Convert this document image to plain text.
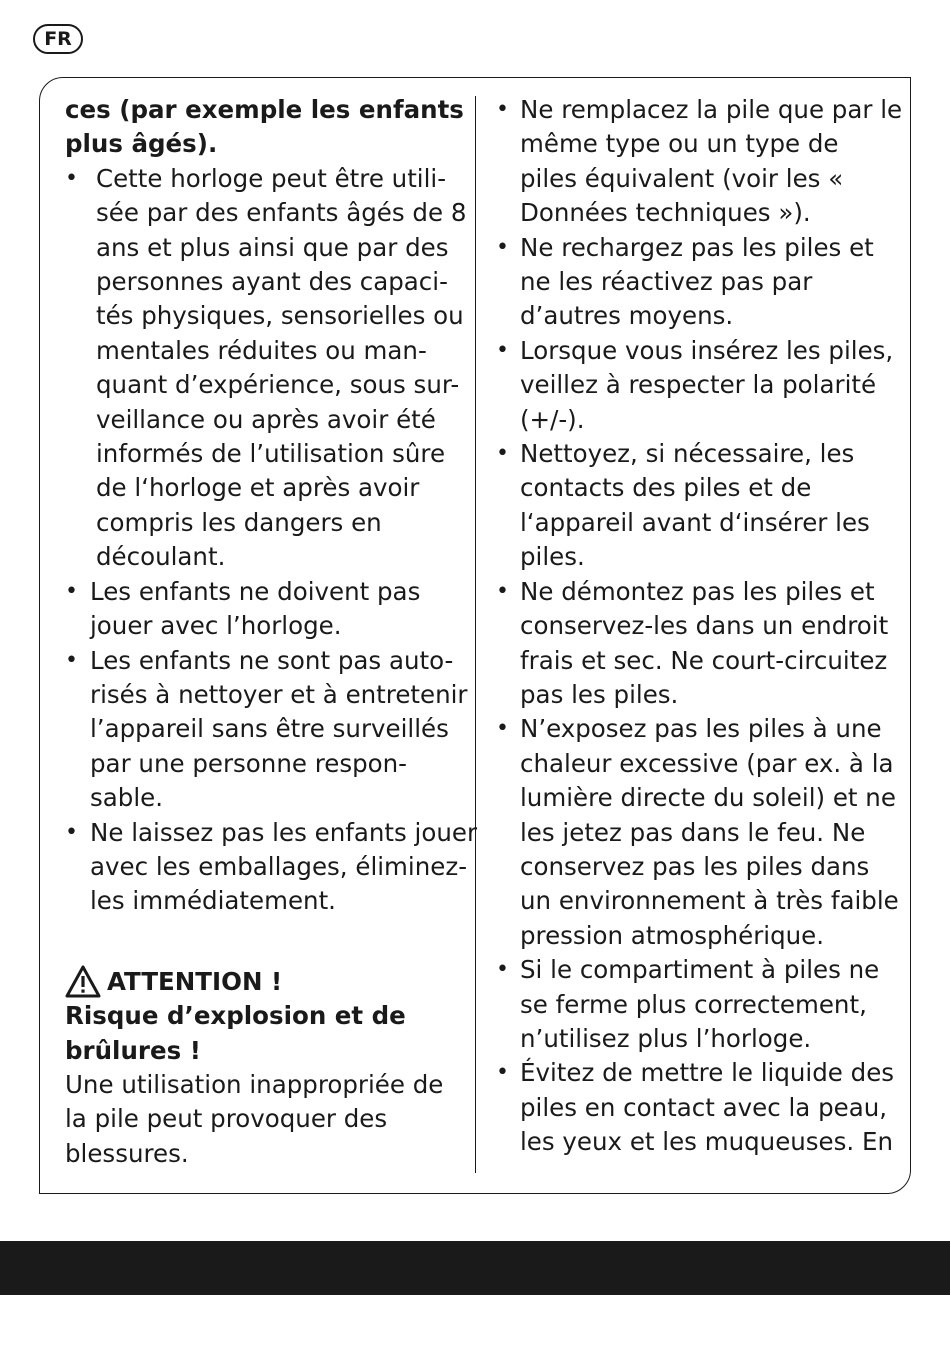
FR
ces (par exemple les enfants
plus âgés).
• Cette horloge peut être utili-
sée par des enfants âgés de 8
ans et plus ainsi que par des
personnes ayant des capaci-
tés physiques, sensorielles ou
mentales réduites ou man-
quant d’expérience, sous sur-
veillance ou après avoir été
informés de l’utilisation sûre
de l‘horloge et après avoir
compris les dangers en
découlant.
• Les enfants ne doivent pas
jouer avec l’horloge.
• Les enfants ne sont pas auto-
risés à nettoyer et à entretenir
l’appareil sans être surveillés
par une personne respon-
sable.
• Ne laissez pas les enfants jouer
avec les emballages, éliminez-
les immédiatement.
ATTENTION !
Risque d’explosion et de
brûlures !
Une utilisation inappropriée de
la pile peut provoquer des
blessures.
• Ne remplacez la pile que par le
même type ou un type de
piles équivalent (voir les «
Données techniques »).
• Ne rechargez pas les piles et
ne les réactivez pas par
d’autres moyens.
• Lorsque vous insérez les piles,
veillez à respecter la polarité
(+/-).
• Nettoyez, si nécessaire, les
contacts des piles et de
l‘appareil avant d‘insérer les
piles.
• Ne démontez pas les piles et
conservez-les dans un endroit
frais et sec. Ne court-circuitez
pas les piles.
• N’exposez pas les piles à une
chaleur excessive (par ex. à la
lumière directe du soleil) et ne
les jetez pas dans le feu. Ne
conservez pas les piles dans
un environnement à très faible
pression atmosphérique.
• Si le compartiment à piles ne
se ferme plus correctement,
n’utilisez plus l’horloge.
• Évitez de mettre le liquide des
piles en contact avec la peau,
les yeux et les muqueuses. En
